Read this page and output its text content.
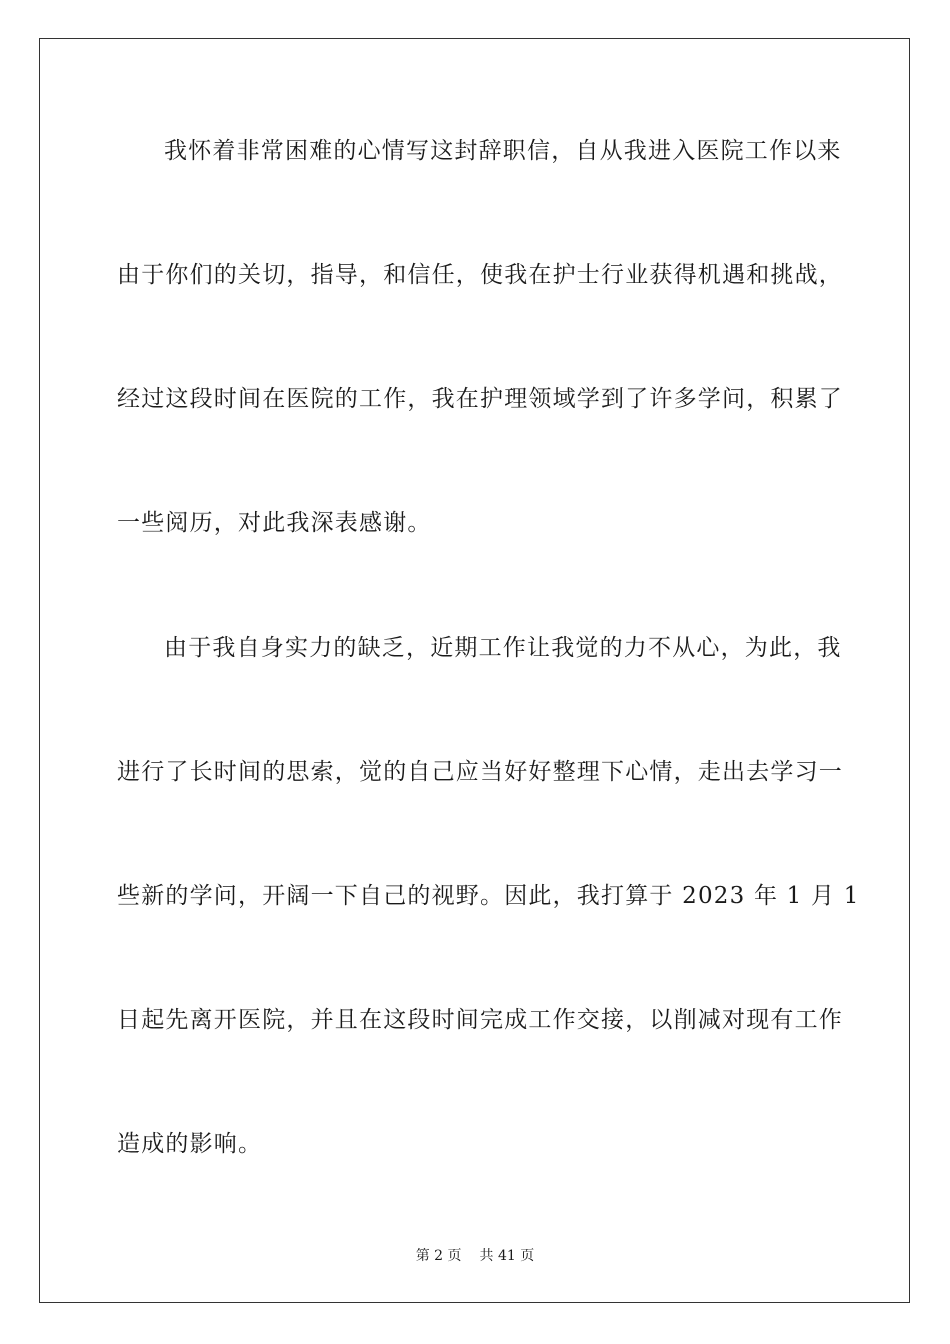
我怀着非常困难的心情写这封辞职信，自从我进入医院工作以来
由于你们的关切，指导，和信任，使我在护士行业获得机遇和挑战，
经过这段时间在医院的工作，我在护理领域学到了许多学问，积累了
一些阅历，对此我深表感谢。
由于我自身实力的缺乏，近期工作让我觉的力不从心，为此，我
进行了长时间的思索，觉的自己应当好好整理下心情，走出去学习一
些新的学问，开阔一下自己的视野。因此，我打算于 2023 年 1 月 1
日起先离开医院，并且在这段时间完成工作交接，以削减对现有工作
造成的影响。
第 2 页 共 41 页
